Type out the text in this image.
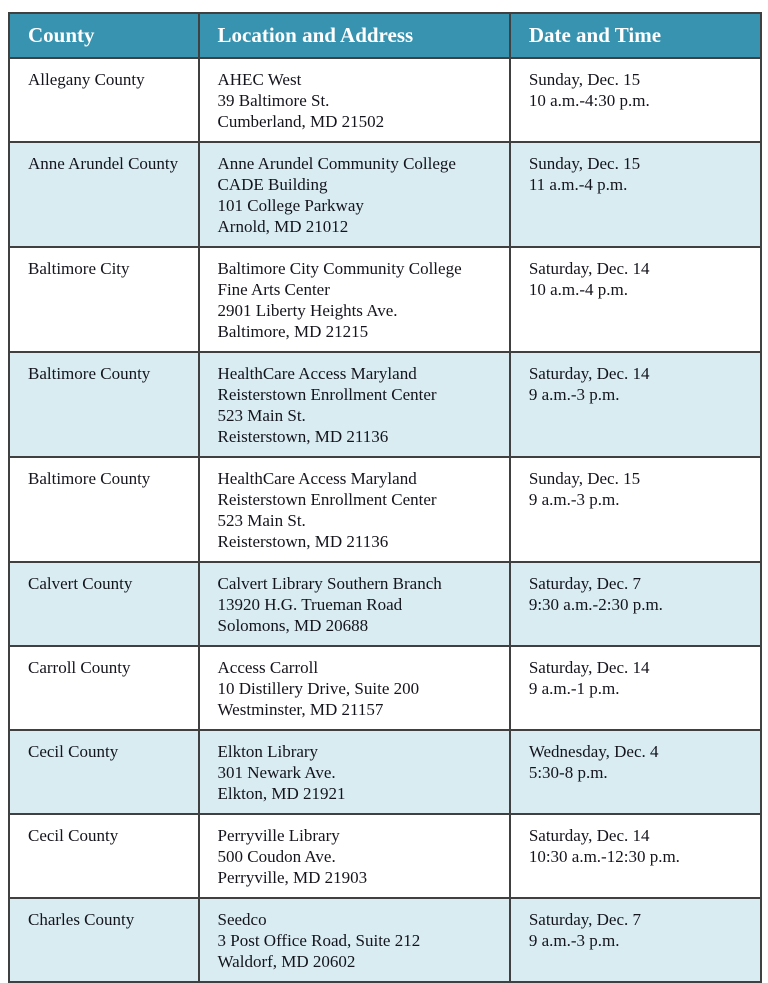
County	Location and Address	Date and Time

Allegany County	AHEC West
39 Baltimore St.
Cumberland, MD 21502	Sunday, Dec. 15
10 a.m.-4:30 p.m.

Anne Arundel County	Anne Arundel Community College
CADE Building
101 College Parkway
Arnold, MD 21012	Sunday, Dec. 15
11 a.m.-4 p.m.

Baltimore City	Baltimore City Community College
Fine Arts Center
2901 Liberty Heights Ave.
Baltimore, MD 21215	Saturday, Dec. 14
10 a.m.-4 p.m.

Baltimore County	HealthCare Access Maryland
Reisterstown Enrollment Center
523 Main St.
Reisterstown, MD 21136	Saturday, Dec. 14
9 a.m.-3 p.m.

Baltimore County	HealthCare Access Maryland
Reisterstown Enrollment Center
523 Main St.
Reisterstown, MD 21136	Sunday, Dec. 15
9 a.m.-3 p.m.

Calvert County	Calvert Library Southern Branch
13920 H.G. Trueman Road
Solomons, MD 20688	Saturday, Dec. 7
9:30 a.m.-2:30 p.m.

Carroll County	Access Carroll
10 Distillery Drive, Suite 200
Westminster, MD 21157	Saturday, Dec. 14
9 a.m.-1 p.m.

Cecil County	Elkton Library
301 Newark Ave.
Elkton, MD 21921	Wednesday, Dec. 4
5:30-8 p.m.

Cecil County	Perryville Library
500 Coudon Ave.
Perryville, MD 21903	Saturday, Dec. 14
10:30 a.m.-12:30 p.m.

Charles County	Seedco
3 Post Office Road, Suite 212
Waldorf, MD 20602	Saturday, Dec. 7
9 a.m.-3 p.m.
